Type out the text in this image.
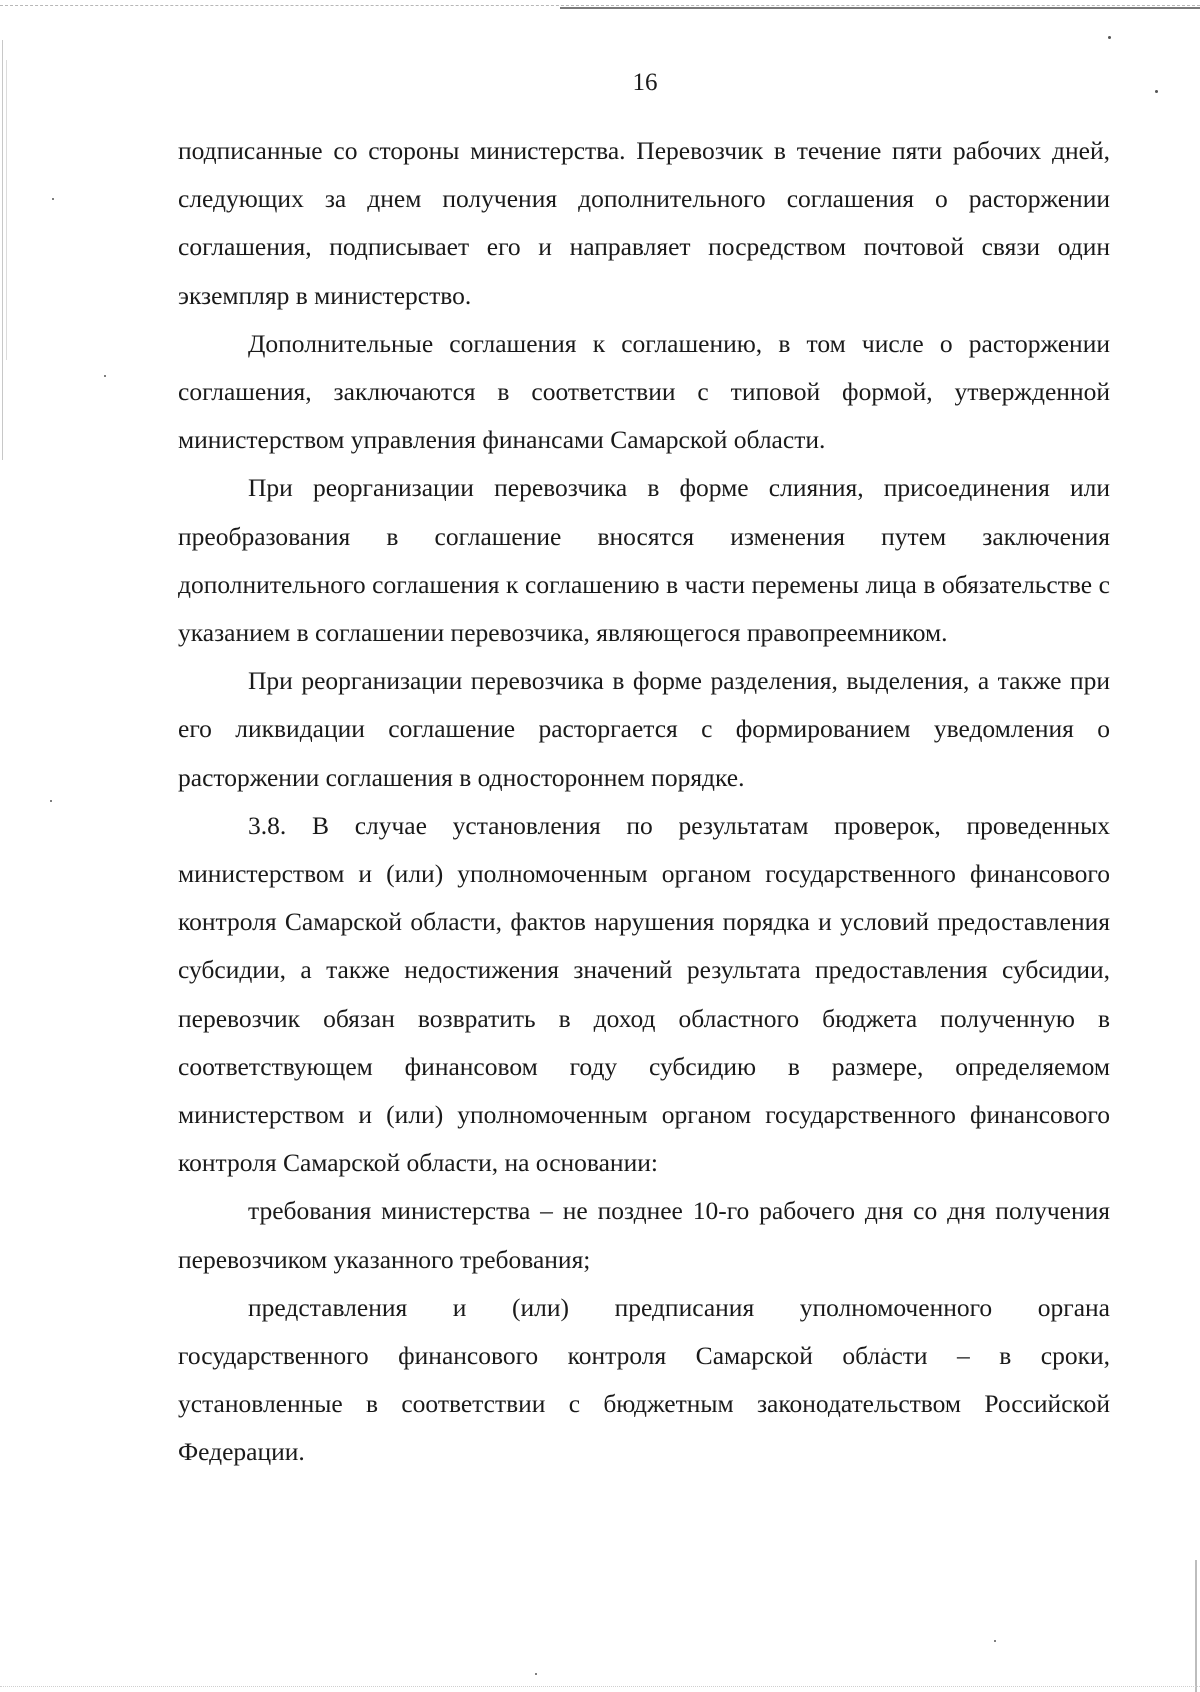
16

подписанные со стороны министерства. Перевозчик в течение пяти рабочих дней, следующих за днем получения дополнительного соглашения о расторжении соглашения, подписывает его и направляет посредством почтовой связи один экземпляр в министерство.

Дополнительные соглашения к соглашению, в том числе о расторжении соглашения, заключаются в соответствии с типовой формой, утвержденной министерством управления финансами Самарской области.

При реорганизации перевозчика в форме слияния, присоединения или преобразования в соглашение вносятся изменения путем заключения дополнительного соглашения к соглашению в части перемены лица в обязательстве с указанием в соглашении перевозчика, являющегося правопреемником.

При реорганизации перевозчика в форме разделения, выделения, а также при его ликвидации соглашение расторгается с формированием уведомления о расторжении соглашения в одностороннем порядке.

3.8. В случае установления по результатам проверок, проведенных министерством и (или) уполномоченным органом государственного финансового контроля Самарской области, фактов нарушения порядка и условий предоставления субсидии, а также недостижения значений результата предоставления субсидии, перевозчик обязан возвратить в доход областного бюджета полученную в соответствующем финансовом году субсидию в размере, определяемом министерством и (или) уполномоченным органом государственного финансового контроля Самарской области, на основании:

требования министерства – не позднее 10-го рабочего дня со дня получения перевозчиком указанного требования;

представления и (или) предписания уполномоченного органа государственного финансового контроля Самарской области – в сроки, установленные в соответствии с бюджетным законодательством Российской Федерации.
